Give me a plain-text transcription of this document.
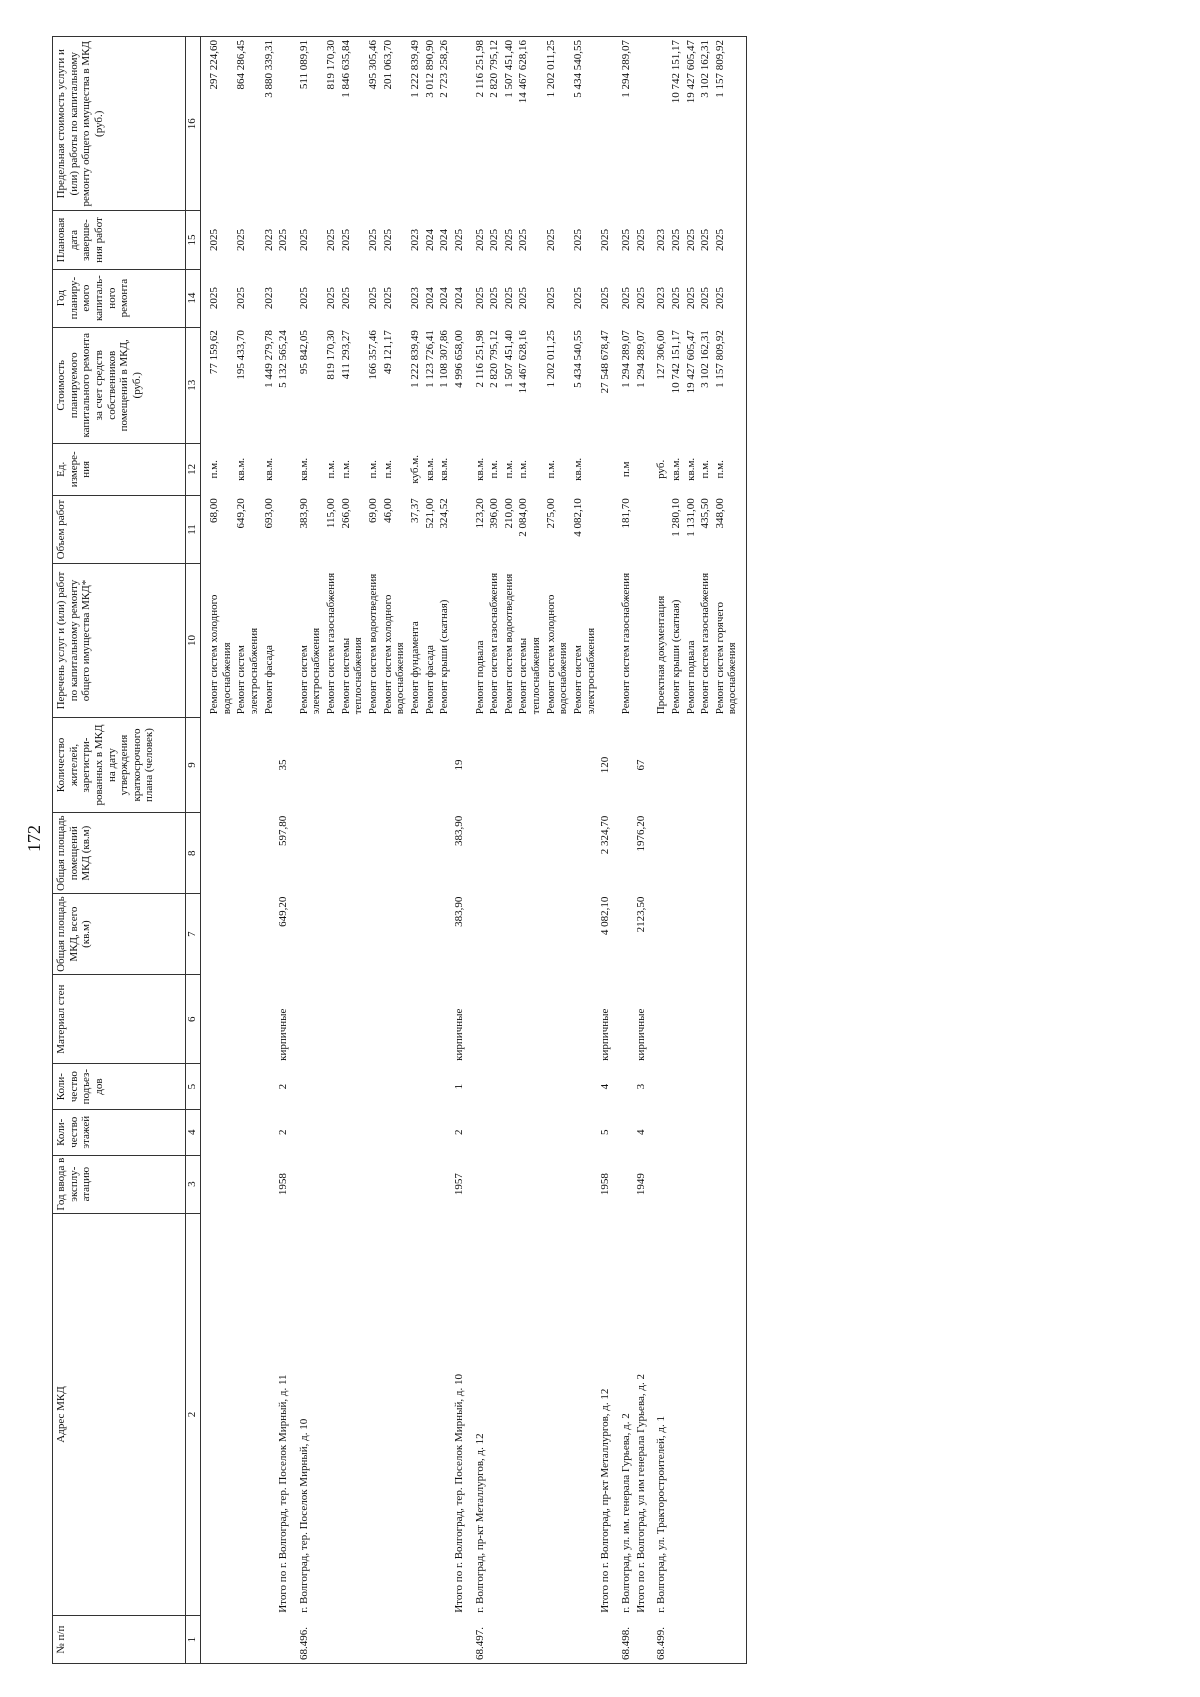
172
№ п/п	Адрес МКД	Год ввода в эксплу-атацию	Коли-чество этажей	Коли-чество подъез-дов	Материал стен	Общая площадь МКД, всего (кв.м)	Общая площадь помещений МКД (кв.м)	Количество жителей, зарегистри-рованных в МКД на дату утверждения краткосрочного плана (человек)	Перечень услуг и (или) работ по капитальному ремонту общего имущества МКД*	Объем работ	Ед. измере-ния	Стоимость планируемого капитального ремонта за счет средств собственников помещений в МКД, (руб.)	Год планиру-емого капиталь-ного ремонта	Плановая дата заверше-ния работ	Предельная стоимость услуги и (или) работы по капитальному ремонту общего имущества в МКД (руб.)
1	2	3	4	5	6	7	8	9	10	11	12	13	14	15	16

									Ремонт систем холодного водоснабжения	68,00	п.м.	77 159,62	2025	2025	297 224,60
									Ремонт систем электроснабжения	649,20	кв.м.	195 433,70	2025	2025	864 286,45
									Ремонт фасада	693,00	кв.м.	1 449 279,78	2023	2023	3 880 339,31
	Итого по г. Волгоград, тер. Поселок Мирный, д. 11	1958	2	2	кирпичные	649,20	597,80	35				5 132 565,24		2025	

68.496.	г. Волгоград, тер. Поселок Мирный, д. 10								Ремонт систем электроснабжения	383,90	кв.м.	95 842,05	2025	2025	511 089,91
									Ремонт систем газоснабжения	115,00	п.м.	819 170,30	2025	2025	819 170,30
									Ремонт системы теплоснабжения	266,00	п.м.	411 293,27	2025	2025	1 846 635,84
									Ремонт систем водоотведения	69,00	п.м.	166 357,46	2025	2025	495 305,46
									Ремонт систем холодного водоснабжения	46,00	п.м.	49 121,17	2025	2025	201 063,70
									Ремонт фундамента	37,37	куб.м.	1 222 839,49	2023	2023	1 222 839,49
									Ремонт фасада	521,00	кв.м.	1 123 726,41	2024	2024	3 012 890,90
									Ремонт крыши (скатная)	324,52	кв.м.	1 108 307,86	2024	2024	2 723 258,26
	Итого по г. Волгоград, тер. Поселок Мирный, д. 10	1957	2	1	кирпичные	383,90	383,90	19				4 996 658,00	2024	2025	

68.497.	г. Волгоград, пр-кт Металлургов, д. 12								Ремонт подвала	123,20	кв.м.	2 116 251,98	2025	2025	2 116 251,98
									Ремонт систем газоснабжения	396,00	п.м.	2 820 795,12	2025	2025	2 820 795,12
									Ремонт систем водоотведения	210,00	п.м.	1 507 451,40	2025	2025	1 507 451,40
									Ремонт системы теплоснабжения	2 084,00	п.м.	14 467 628,16	2025	2025	14 467 628,16
									Ремонт систем холодного водоснабжения	275,00	п.м.	1 202 011,25	2025	2025	1 202 011,25
									Ремонт систем электроснабжения	4 082,10	кв.м.	5 434 540,55	2025	2025	5 434 540,55
	Итого по г. Волгоград, пр-кт Металлургов, д. 12	1958	5	4	кирпичные	4 082,10	2 324,70	120				27 548 678,47	2025	2025	

68.498.	г. Волгоград, ул. им. генерала Гурьева, д. 2								Ремонт систем газоснабжения	181,70	п.м	1 294 289,07	2025	2025	1 294 289,07
	Итого по г. Волгоград, ул им генерала Гурьева, д. 2	1949	4	3	кирпичные	2123,50	1976,20	67				1 294 289,07	2025	2025	

68.499.	г. Волгоград, ул. Тракторостроителей, д. 1								Проектная документация		руб.	127 306,00	2023	2023	
									Ремонт крыши (скатная)	1 280,10	кв.м.	10 742 151,17	2025	2025	10 742 151,17
									Ремонт подвала	1 131,00	кв.м.	19 427 605,47	2025	2025	19 427 605,47
									Ремонт систем газоснабжения	435,50	п.м.	3 102 162,31	2025	2025	3 102 162,31
									Ремонт систем горячего водоснабжения	348,00	п.м.	1 157 809,92	2025	2025	1 157 809,92
